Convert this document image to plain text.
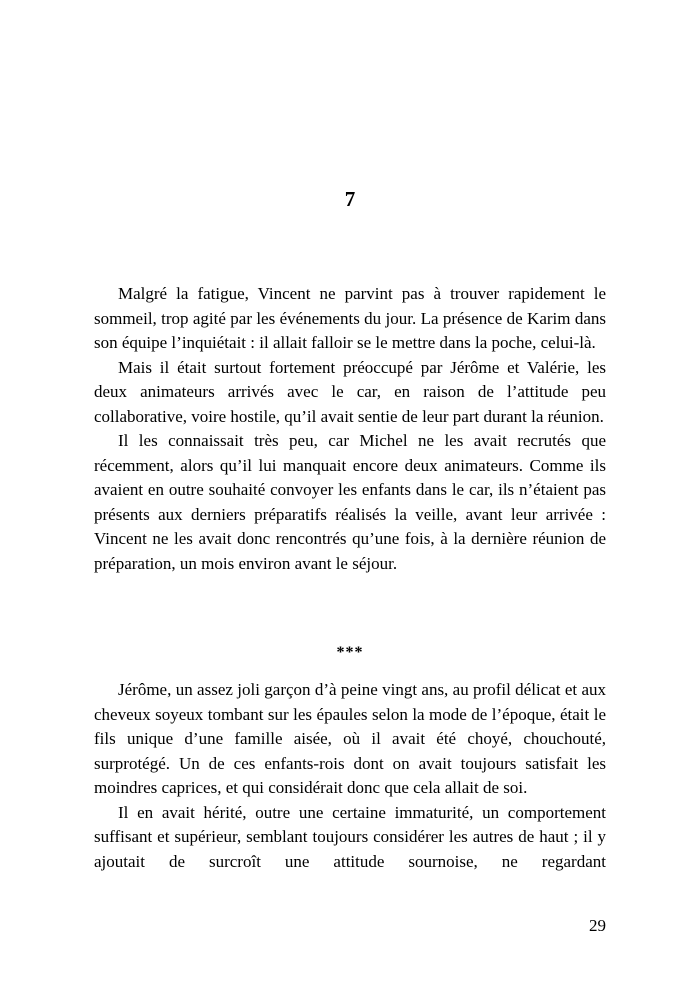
7

Malgré la fatigue, Vincent ne parvint pas à trouver rapidement le sommeil, trop agité par les événements du jour. La présence de Karim dans son équipe l’inquiétait : il allait falloir se le mettre dans la poche, celui-là.

Mais il était surtout fortement préoccupé par Jérôme et Valérie, les deux animateurs arrivés avec le car, en raison de l’attitude peu collaborative, voire hostile, qu’il avait sentie de leur part durant la réunion.

Il les connaissait très peu, car Michel ne les avait recrutés que récemment, alors qu’il lui manquait encore deux animateurs. Comme ils avaient en outre souhaité convoyer les enfants dans le car, ils n’étaient pas présents aux derniers préparatifs réalisés la veille, avant leur arrivée : Vincent ne les avait donc rencontrés qu’une fois, à la dernière réunion de préparation, un mois environ avant le séjour.

***

Jérôme, un assez joli garçon d’à peine vingt ans, au profil délicat et aux cheveux soyeux tombant sur les épaules selon la mode de l’époque, était le fils unique d’une famille aisée, où il avait été choyé, chouchouté, surprotégé. Un de ces enfants-rois dont on avait toujours satisfait les moindres caprices, et qui considérait donc que cela allait de soi.

Il en avait hérité, outre une certaine immaturité, un comportement suffisant et supérieur, semblant toujours considérer les autres de haut ; il y ajoutait de surcroît une attitude sournoise, ne regardant

29
